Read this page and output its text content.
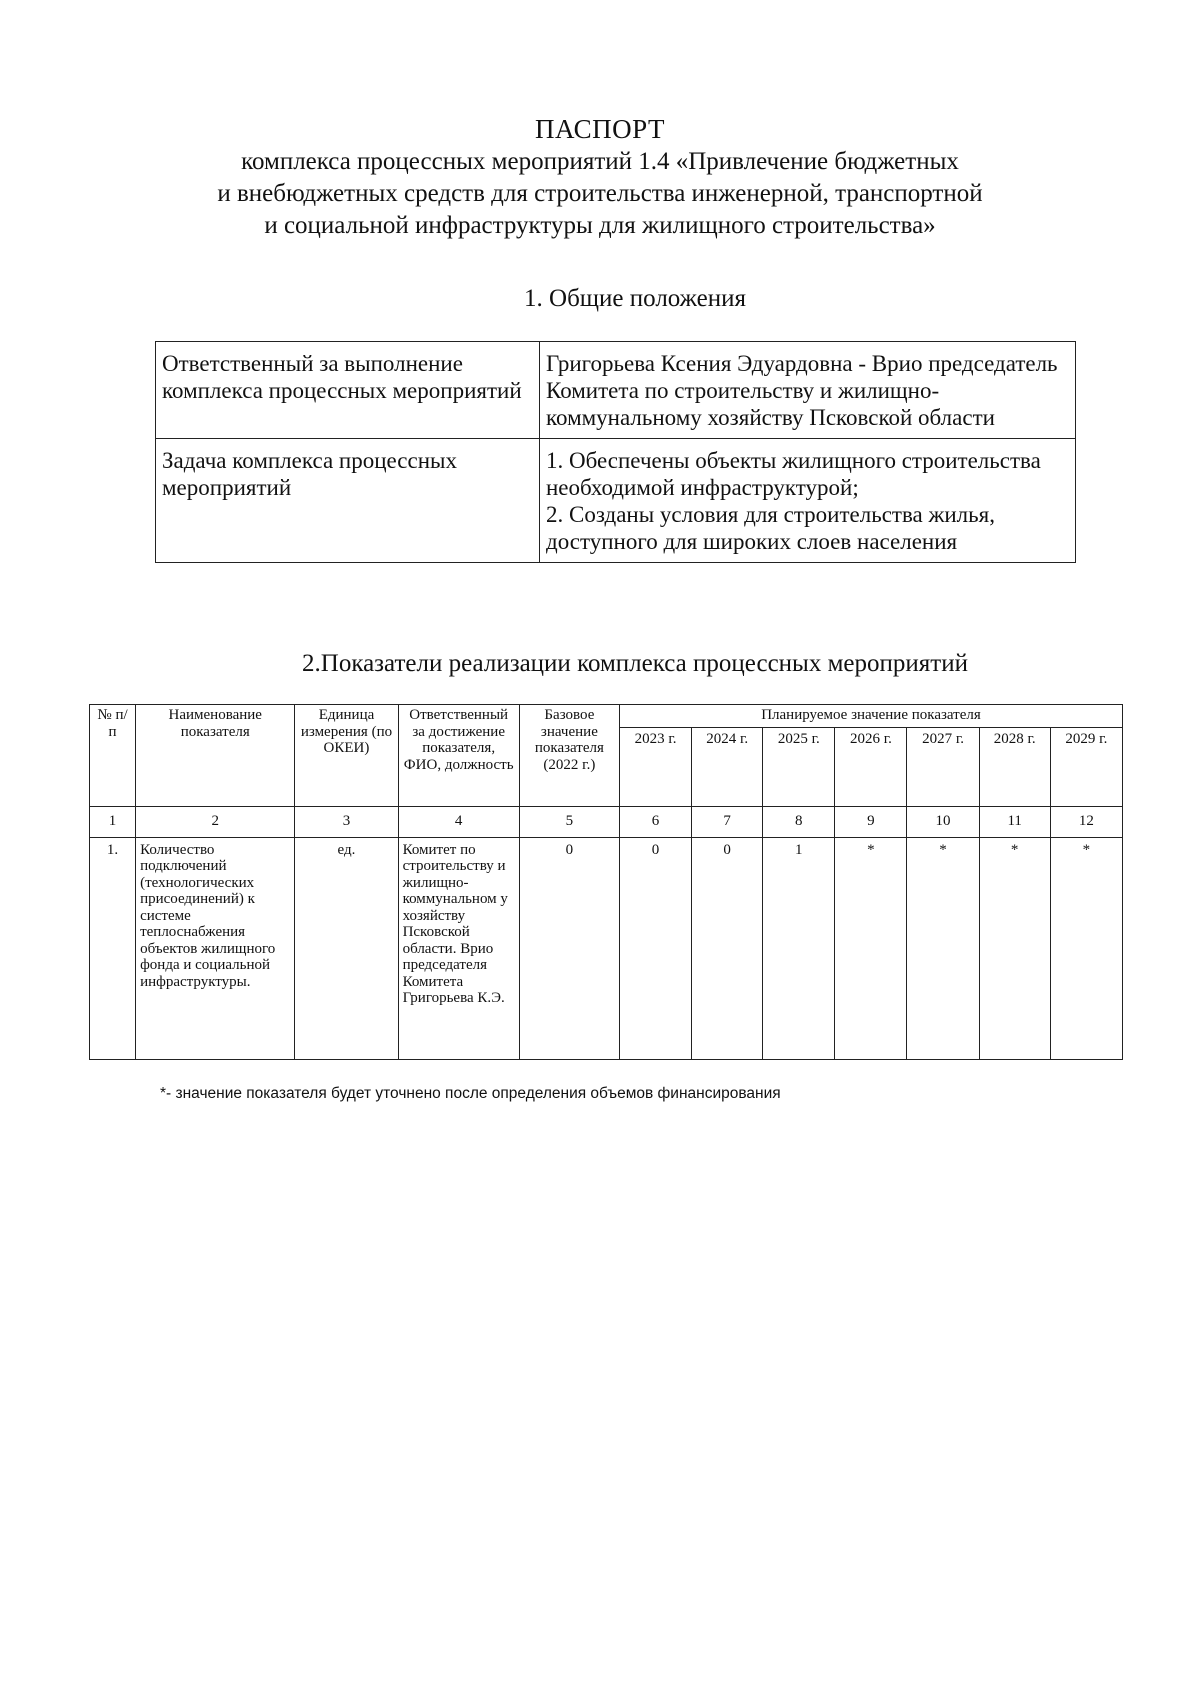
ПАСПОРТ
комплекса процессных мероприятий 1.4 «Привлечение бюджетных
и внебюджетных средств для строительства инженерной, транспортной
и социальной инфраструктуры для жилищного строительства»
1. Общие положения
Ответственный за выполнение комплекса процессных мероприятий	Григорьева Ксения Эдуардовна - Врио председатель Комитета по строительству и жилищно-коммунальному хозяйству Псковской области
Задача комплекса процессных мероприятий	1. Обеспечены объекты жилищного строительства необходимой инфраструктурой;
2. Созданы условия для строительства жилья, доступного для широких слоев населения
2.Показатели реализации комплекса процессных мероприятий
№ п/п	Наименование показателя	Единица измерения (по ОКЕИ)	Ответственный за достижение показателя, ФИО, должность	Базовое значение показателя (2022 г.)	Планируемое значение показателя						
					2023 г.	2024 г.	2025 г.	2026 г.	2027 г.	2028 г.	2029 г.
1	2	3	4	5	6	7	8	9	10	11	12
1.	Количество подключений (технологических присоединений) к системе теплоснабжения объектов жилищного фонда и социальной инфраструктуры.	ед.	Комитет по строительству и жилищно-коммунальном у хозяйству Псковской области. Врио председателя Комитета Григорьева К.Э.	0	0	0	1	*	*	*	*
*- значение показателя будет уточнено после определения объемов финансирования
